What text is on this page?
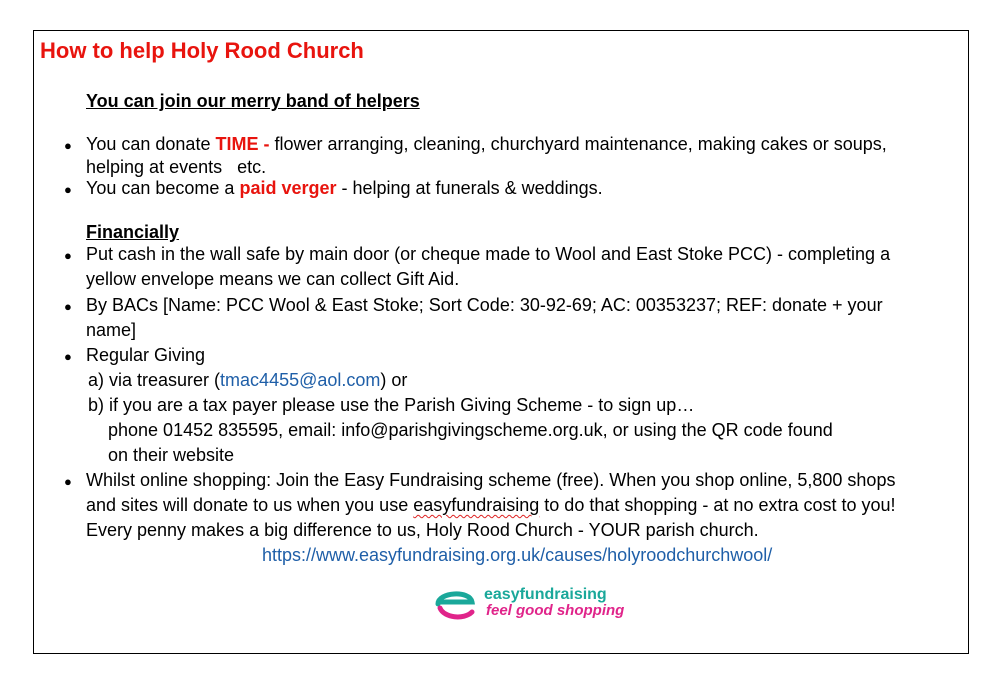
How to help Holy Rood Church
You can join our merry band of helpers
● You can donate TIME - flower arranging, cleaning, churchyard maintenance, making cakes or soups,
helping at events   etc.
● You can become a paid verger - helping at funerals & weddings.
Financially
● Put cash in the wall safe by main door (or cheque made to Wool and East Stoke PCC) - completing a
yellow envelope means we can collect Gift Aid.
● By BACs [Name: PCC Wool & East Stoke; Sort Code: 30-92-69; AC: 00353237; REF: donate + your
name]
● Regular Giving
a) via treasurer (tmac4455@aol.com) or
b) if you are a tax payer please use the Parish Giving Scheme - to sign up…
phone 01452 835595, email: info@parishgivingscheme.org.uk, or using the QR code found
on their website
● Whilst online shopping: Join the Easy Fundraising scheme (free). When you shop online, 5,800 shops
and sites will donate to us when you use easyfundraising to do that shopping - at no extra cost to you!
Every penny makes a big difference to us, Holy Rood Church - YOUR parish church.
https://www.easyfundraising.org.uk/causes/holyroodchurchwool/
easyfundraising
feel good shopping
